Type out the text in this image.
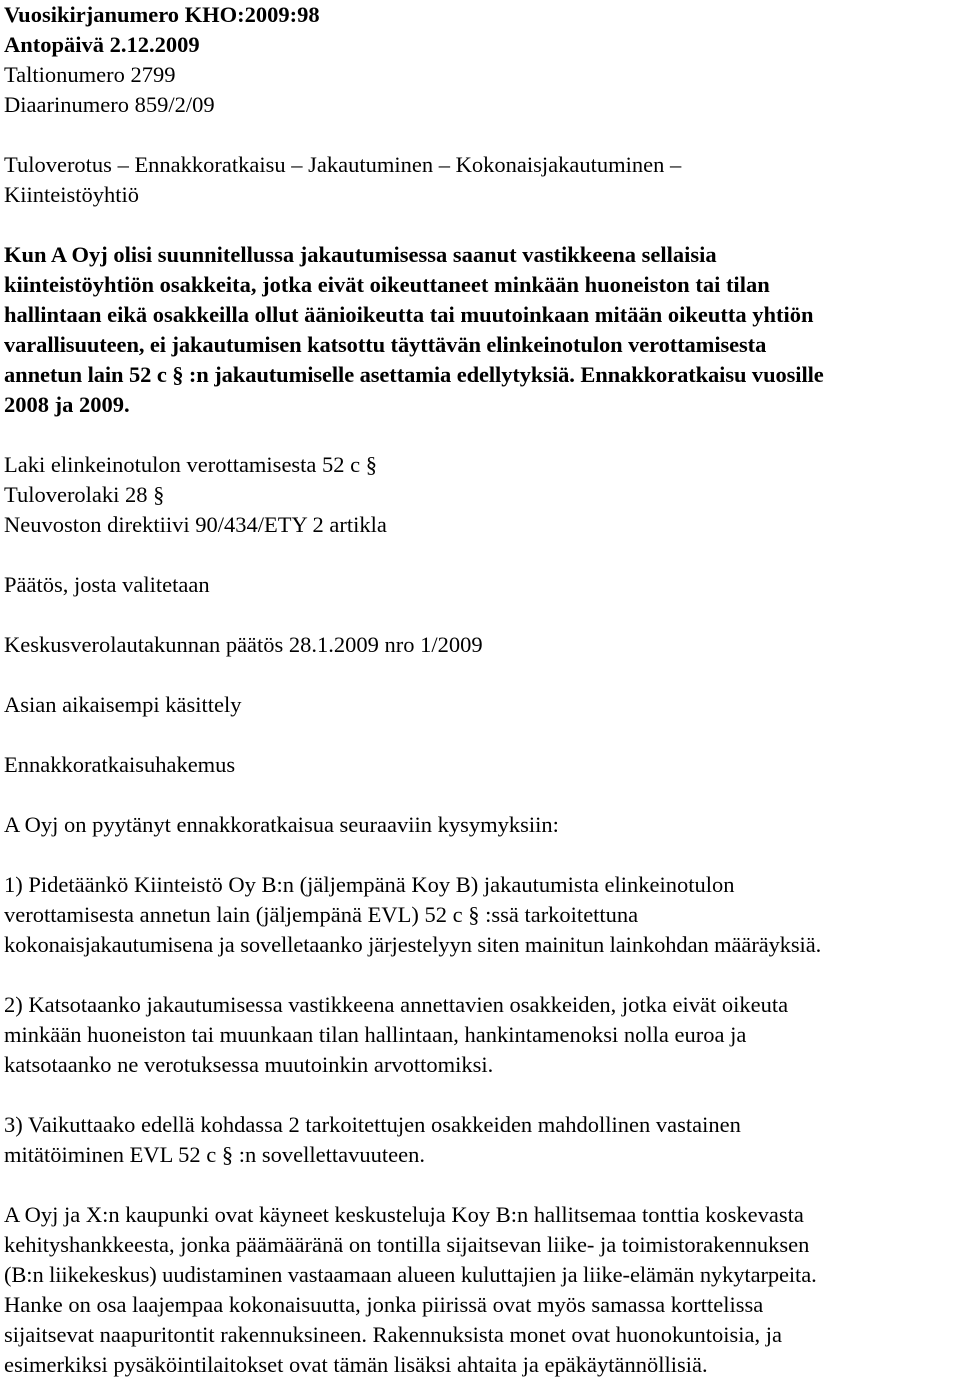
Vuosikirjanumero KHO:2009:98
Antopäivä 2.12.2009
Taltionumero 2799
Diaarinumero 859/2/09
Tuloverotus – Ennakkoratkaisu – Jakautuminen – Kokonaisjakautuminen –
Kiinteistöyhtiö
Kun A Oyj olisi suunnitellussa jakautumisessa saanut vastikkeena sellaisia
kiinteistöyhtiön osakkeita, jotka eivät oikeuttaneet minkään huoneiston tai tilan
hallintaan eikä osakkeilla ollut äänioikeutta tai muutoinkaan mitään oikeutta yhtiön
varallisuuteen, ei jakautumisen katsottu täyttävän elinkeinotulon verottamisesta
annetun lain 52 c § :n jakautumiselle asettamia edellytyksiä. Ennakkoratkaisu vuosille
2008 ja 2009.
Laki elinkeinotulon verottamisesta 52 c §
Tuloverolaki 28 §
Neuvoston direktiivi 90/434/ETY 2 artikla
Päätös, josta valitetaan
Keskusverolautakunnan päätös 28.1.2009 nro 1/2009
Asian aikaisempi käsittely
Ennakkoratkaisuhakemus
A Oyj on pyytänyt ennakkoratkaisua seuraaviin kysymyksiin:
1) Pidetäänkö Kiinteistö Oy B:n (jäljempänä Koy B) jakautumista elinkeinotulon
verottamisesta annetun lain (jäljempänä EVL) 52 c § :ssä tarkoitettuna
kokonaisjakautumisena ja sovelletaanko järjestelyyn siten mainitun lainkohdan määräyksiä.
2) Katsotaanko jakautumisessa vastikkeena annettavien osakkeiden, jotka eivät oikeuta
minkään huoneiston tai muunkaan tilan hallintaan, hankintamenoksi nolla euroa ja
katsotaanko ne verotuksessa muutoinkin arvottomiksi.
3) Vaikuttaako edellä kohdassa 2 tarkoitettujen osakkeiden mahdollinen vastainen
mitätöiminen EVL 52 c § :n sovellettavuuteen.
A Oyj ja X:n kaupunki ovat käyneet keskusteluja Koy B:n hallitsemaa tonttia koskevasta
kehityshankkeesta, jonka päämääränä on tontilla sijaitsevan liike- ja toimistorakennuksen
(B:n liikekeskus) uudistaminen vastaamaan alueen kuluttajien ja liike-elämän nykytarpeita.
Hanke on osa laajempaa kokonaisuutta, jonka piirissä ovat myös samassa korttelissa
sijaitsevat naapuritontit rakennuksineen. Rakennuksista monet ovat huonokuntoisia, ja
esimerkiksi pysäköintilaitokset ovat tämän lisäksi ahtaita ja epäkäytännöllisiä.
